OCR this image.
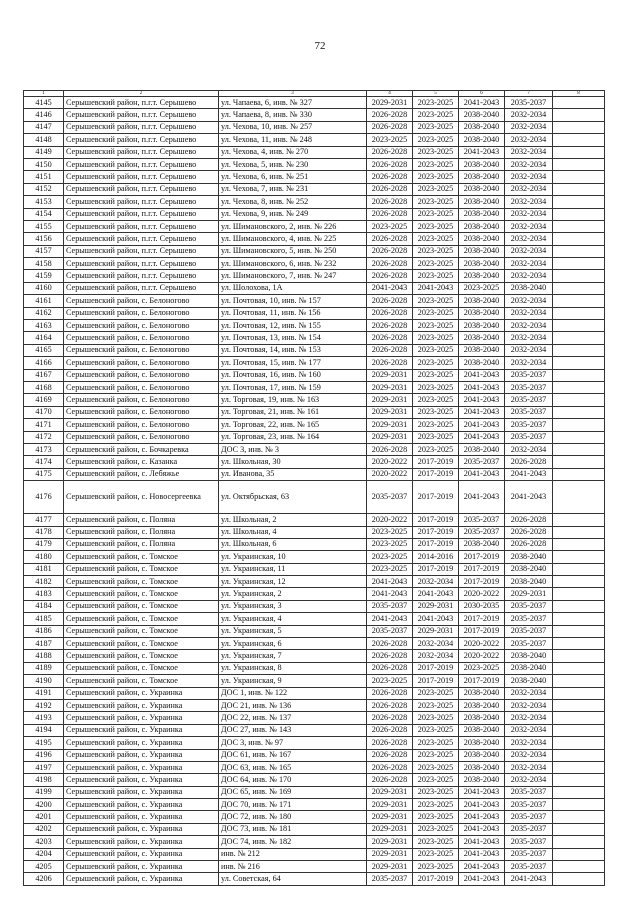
72
1	2	3	4	5	6	7	8
4145	Серышевский район, п.г.т. Серышево	ул. Чапаева, 6, инв. № 327	2029-2031	2023-2025	2041-2043	2035-2037	
4146	Серышевский район, п.г.т. Серышево	ул. Чапаева, 8, инв. № 330	2026-2028	2023-2025	2038-2040	2032-2034	
4147	Серышевский район, п.г.т. Серышево	ул. Чехова, 10, инв. № 257	2026-2028	2023-2025	2038-2040	2032-2034	
4148	Серышевский район, п.г.т. Серышево	ул. Чехова, 11, инв. № 248	2023-2025	2023-2025	2038-2040	2032-2034	
4149	Серышевский район, п.г.т. Серышево	ул. Чехова, 4, инв. № 270	2026-2028	2023-2025	2041-2043	2032-2034	
4150	Серышевский район, п.г.т. Серышево	ул. Чехова, 5, инв. № 230	2026-2028	2023-2025	2038-2040	2032-2034	
4151	Серышевский район, п.г.т. Серышево	ул. Чехова, 6, инв. № 251	2026-2028	2023-2025	2038-2040	2032-2034	
4152	Серышевский район, п.г.т. Серышево	ул. Чехова, 7, инв. № 231	2026-2028	2023-2025	2038-2040	2032-2034	
4153	Серышевский район, п.г.т. Серышево	ул. Чехова, 8, инв. № 252	2026-2028	2023-2025	2038-2040	2032-2034	
4154	Серышевский район, п.г.т. Серышево	ул. Чехова, 9, инв. № 249	2026-2028	2023-2025	2038-2040	2032-2034	
4155	Серышевский район, п.г.т. Серышево	ул. Шимановского, 2, инв. № 226	2023-2025	2023-2025	2038-2040	2032-2034	
4156	Серышевский район, п.г.т. Серышево	ул. Шимановского, 4, инв. № 225	2026-2028	2023-2025	2038-2040	2032-2034	
4157	Серышевский район, п.г.т. Серышево	ул. Шимановского, 5, инв. № 250	2026-2028	2023-2025	2038-2040	2032-2034	
4158	Серышевский район, п.г.т. Серышево	ул. Шимановского, 6, инв. № 232	2026-2028	2023-2025	2038-2040	2032-2034	
4159	Серышевский район, п.г.т. Серышево	ул. Шимановского, 7, инв. № 247	2026-2028	2023-2025	2038-2040	2032-2034	
4160	Серышевский район, п.г.т. Серышево	ул. Шолохова, 1А	2041-2043	2041-2043	2023-2025	2038-2040	
4161	Серышевский район, с. Белоногово	ул. Почтовая, 10, инв. № 157	2026-2028	2023-2025	2038-2040	2032-2034	
4162	Серышевский район, с. Белоногово	ул. Почтовая, 11, инв. № 156	2026-2028	2023-2025	2038-2040	2032-2034	
4163	Серышевский район, с. Белоногово	ул. Почтовая, 12, инв. № 155	2026-2028	2023-2025	2038-2040	2032-2034	
4164	Серышевский район, с. Белоногово	ул. Почтовая, 13, инв. № 154	2026-2028	2023-2025	2038-2040	2032-2034	
4165	Серышевский район, с. Белоногово	ул. Почтовая, 14, инв. № 153	2026-2028	2023-2025	2038-2040	2032-2034	
4166	Серышевский район, с. Белоногово	ул. Почтовая, 15, инв. № 177	2026-2028	2023-2025	2038-2040	2032-2034	
4167	Серышевский район, с. Белоногово	ул. Почтовая, 16, инв. № 160	2029-2031	2023-2025	2041-2043	2035-2037	
4168	Серышевский район, с. Белоногово	ул. Почтовая, 17, инв. № 159	2029-2031	2023-2025	2041-2043	2035-2037	
4169	Серышевский район, с. Белоногово	ул. Торговая, 19, инв. № 163	2029-2031	2023-2025	2041-2043	2035-2037	
4170	Серышевский район, с. Белоногово	ул. Торговая, 21, инв. № 161	2029-2031	2023-2025	2041-2043	2035-2037	
4171	Серышевский район, с. Белоногово	ул. Торговая, 22, инв. № 165	2029-2031	2023-2025	2041-2043	2035-2037	
4172	Серышевский район, с. Белоногово	ул. Торговая, 23, инв. № 164	2029-2031	2023-2025	2041-2043	2035-2037	
4173	Серышевский район, с. Бочкаревка	ДОС 3, инв. № 3	2026-2028	2023-2025	2038-2040	2032-2034	
4174	Серышевский район, с. Казанка	ул. Школьная, 30	2020-2022	2017-2019	2035-2037	2026-2028	
4175	Серышевский район, с. Лебяжье	ул. Иванова, 35	2020-2022	2017-2019	2041-2043	2041-2043	
4176	Серышевский район, с. Новосергеевка	ул. Октябрьская, 63	2035-2037	2017-2019	2041-2043	2041-2043	
4177	Серышевский район, с. Поляна	ул. Школьная, 2	2020-2022	2017-2019	2035-2037	2026-2028	
4178	Серышевский район, с. Поляна	ул. Школьная, 4	2023-2025	2017-2019	2035-2037	2026-2028	
4179	Серышевский район, с. Поляна	ул. Школьная, 6	2023-2025	2017-2019	2038-2040	2026-2028	
4180	Серышевский район, с. Томское	ул. Украинская, 10	2023-2025	2014-2016	2017-2019	2038-2040	
4181	Серышевский район, с. Томское	ул. Украинская, 11	2023-2025	2017-2019	2017-2019	2038-2040	
4182	Серышевский район, с. Томское	ул. Украинская, 12	2041-2043	2032-2034	2017-2019	2038-2040	
4183	Серышевский район, с. Томское	ул. Украинская, 2	2041-2043	2041-2043	2020-2022	2029-2031	
4184	Серышевский район, с. Томское	ул. Украинская, 3	2035-2037	2029-2031	2030-2035	2035-2037	
4185	Серышевский район, с. Томское	ул. Украинская, 4	2041-2043	2041-2043	2017-2019	2035-2037	
4186	Серышевский район, с. Томское	ул. Украинская, 5	2035-2037	2029-2031	2017-2019	2035-2037	
4187	Серышевский район, с. Томское	ул. Украинская, 6	2026-2028	2032-2034	2020-2022	2035-2037	
4188	Серышевский район, с. Томское	ул. Украинская, 7	2026-2028	2032-2034	2020-2022	2038-2040	
4189	Серышевский район, с. Томское	ул. Украинская, 8	2026-2028	2017-2019	2023-2025	2038-2040	
4190	Серышевский район, с. Томское	ул. Украинская, 9	2023-2025	2017-2019	2017-2019	2038-2040	
4191	Серышевский район, с. Украинка	ДОС 1, инв. № 122	2026-2028	2023-2025	2038-2040	2032-2034	
4192	Серышевский район, с. Украинка	ДОС 21, инв. № 136	2026-2028	2023-2025	2038-2040	2032-2034	
4193	Серышевский район, с. Украинка	ДОС 22, инв. № 137	2026-2028	2023-2025	2038-2040	2032-2034	
4194	Серышевский район, с. Украинка	ДОС 27, инв. № 143	2026-2028	2023-2025	2038-2040	2032-2034	
4195	Серышевский район, с. Украинка	ДОС 3, инв. № 97	2026-2028	2023-2025	2038-2040	2032-2034	
4196	Серышевский район, с. Украинка	ДОС 61, инв. № 167	2026-2028	2023-2025	2038-2040	2032-2034	
4197	Серышевский район, с. Украинка	ДОС 63, инв. № 165	2026-2028	2023-2025	2038-2040	2032-2034	
4198	Серышевский район, с. Украинка	ДОС 64, инв. № 170	2026-2028	2023-2025	2038-2040	2032-2034	
4199	Серышевский район, с. Украинка	ДОС 65, инв. № 169	2029-2031	2023-2025	2041-2043	2035-2037	
4200	Серышевский район, с. Украинка	ДОС 70, инв. № 171	2029-2031	2023-2025	2041-2043	2035-2037	
4201	Серышевский район, с. Украинка	ДОС 72, инв. № 180	2029-2031	2023-2025	2041-2043	2035-2037	
4202	Серышевский район, с. Украинка	ДОС 73, инв. № 181	2029-2031	2023-2025	2041-2043	2035-2037	
4203	Серышевский район, с. Украинка	ДОС 74, инв. № 182	2029-2031	2023-2025	2041-2043	2035-2037	
4204	Серышевский район, с. Украинка	инв. № 212	2029-2031	2023-2025	2041-2043	2035-2037	
4205	Серышевский район, с. Украинка	инв. № 216	2029-2031	2023-2025	2041-2043	2035-2037	
4206	Серышевский район, с. Украинка	ул. Советская, 64	2035-2037	2017-2019	2041-2043	2041-2043	
